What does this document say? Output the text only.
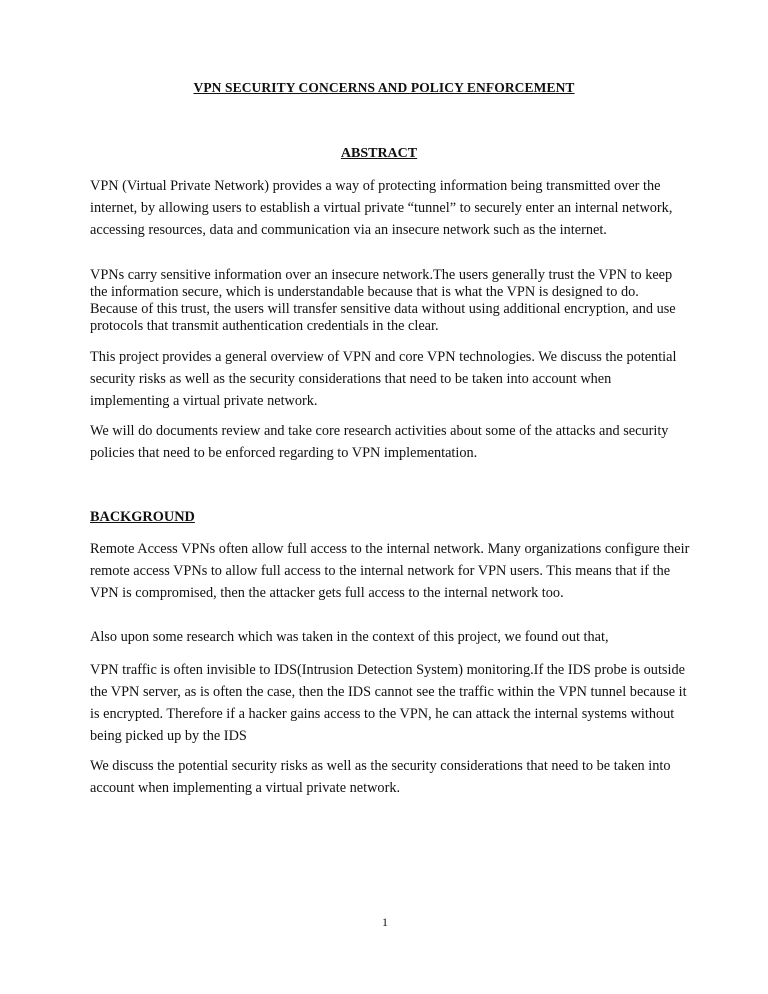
VPN SECURITY CONCERNS AND POLICY ENFORCEMENT
ABSTRACT

VPN (Virtual Private Network) provides a way of protecting information being transmitted over the internet, by allowing users to establish a virtual private “tunnel” to securely enter an internal network, accessing resources, data and communication via an insecure network such as the internet.

VPNs carry sensitive information over an insecure network.The users generally trust the VPN to keep the information secure, which is understandable because that is what the VPN is designed to do. Because of this trust, the users will transfer sensitive data without using additional encryption, and use protocols that transmit authentication credentials in the clear.

This project provides a general overview of VPN and core VPN technologies. We discuss the potential security risks as well as the security considerations that need to be taken into account when implementing a virtual private network.

We will do documents review and take core research activities about some of the attacks and security policies that need to be enforced regarding to VPN implementation.

BACKGROUND

Remote Access VPNs often allow full access to the internal network. Many organizations configure their remote access VPNs to allow full access to the internal network for VPN users. This means that if the VPN is compromised, then the attacker gets full access to the internal network too.

Also upon some research which was taken in the context of this project, we found out that,

VPN traffic is often invisible to IDS(Intrusion Detection System) monitoring.If the IDS probe is outside the VPN server, as is often the case, then the IDS cannot see the traffic within the VPN tunnel because it is encrypted. Therefore if a hacker gains access to the VPN, he can attack the internal systems without being picked up by the IDS

We discuss the potential security risks as well as the security considerations that need to be taken into account when implementing a virtual private network.

1
